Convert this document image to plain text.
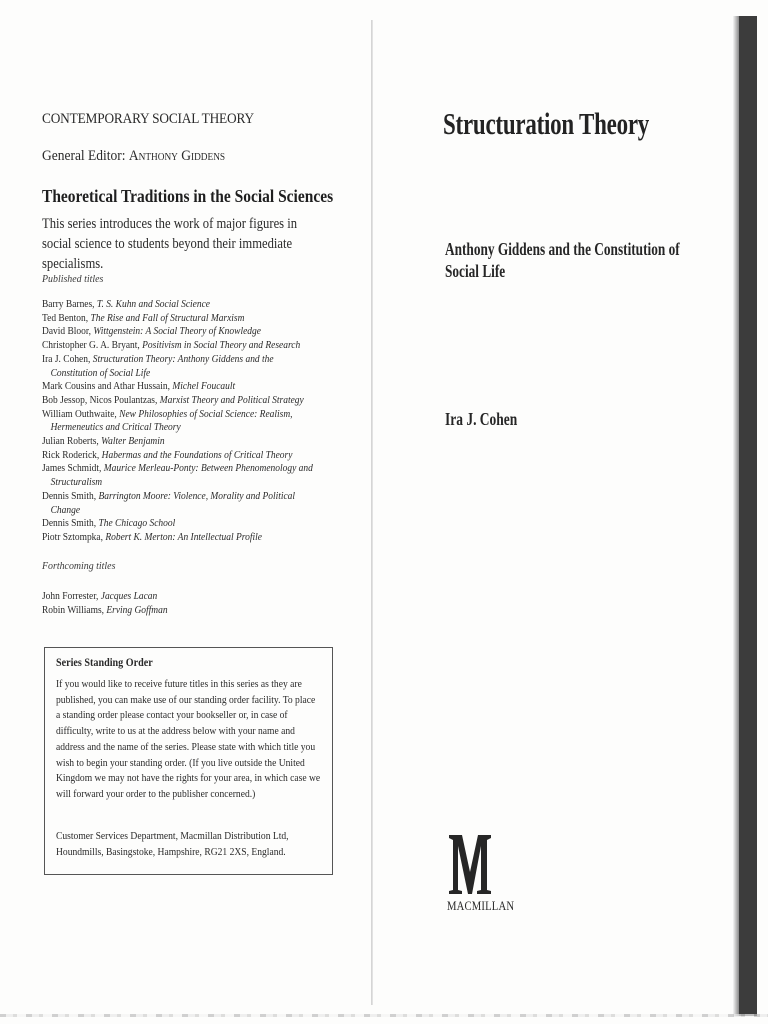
CONTEMPORARY SOCIAL THEORY
General Editor: Anthony Giddens
Theoretical Traditions in the Social Sciences
This series introduces the work of major figures in social science to students beyond their immediate specialisms.
Published titles
Barry Barnes, T. S. Kuhn and Social Science
Ted Benton, The Rise and Fall of Structural Marxism
David Bloor, Wittgenstein: A Social Theory of Knowledge
Christopher G. A. Bryant, Positivism in Social Theory and Research
Ira J. Cohen, Structuration Theory: Anthony Giddens and the Constitution of Social Life
Mark Cousins and Athar Hussain, Michel Foucault
Bob Jessop, Nicos Poulantzas, Marxist Theory and Political Strategy
William Outhwaite, New Philosophies of Social Science: Realism, Hermeneutics and Critical Theory
Julian Roberts, Walter Benjamin
Rick Roderick, Habermas and the Foundations of Critical Theory
James Schmidt, Maurice Merleau-Ponty: Between Phenomenology and Structuralism
Dennis Smith, Barrington Moore: Violence, Morality and Political Change
Dennis Smith, The Chicago School
Piotr Sztompka, Robert K. Merton: An Intellectual Profile
Forthcoming titles
John Forrester, Jacques Lacan
Robin Williams, Erving Goffman
Series Standing Order
If you would like to receive future titles in this series as they are published, you can make use of our standing order facility. To place a standing order please contact your bookseller or, in case of difficulty, write to us at the address below with your name and address and the name of the series. Please state with which title you wish to begin your standing order. (If you live outside the United Kingdom we may not have the rights for your area, in which case we will forward your order to the publisher concerned.)
Customer Services Department, Macmillan Distribution Ltd, Houndmills, Basingstoke, Hampshire, RG21 2XS, England.
Structuration Theory
Anthony Giddens and the Constitution of Social Life
Ira J. Cohen
MACMILLAN
